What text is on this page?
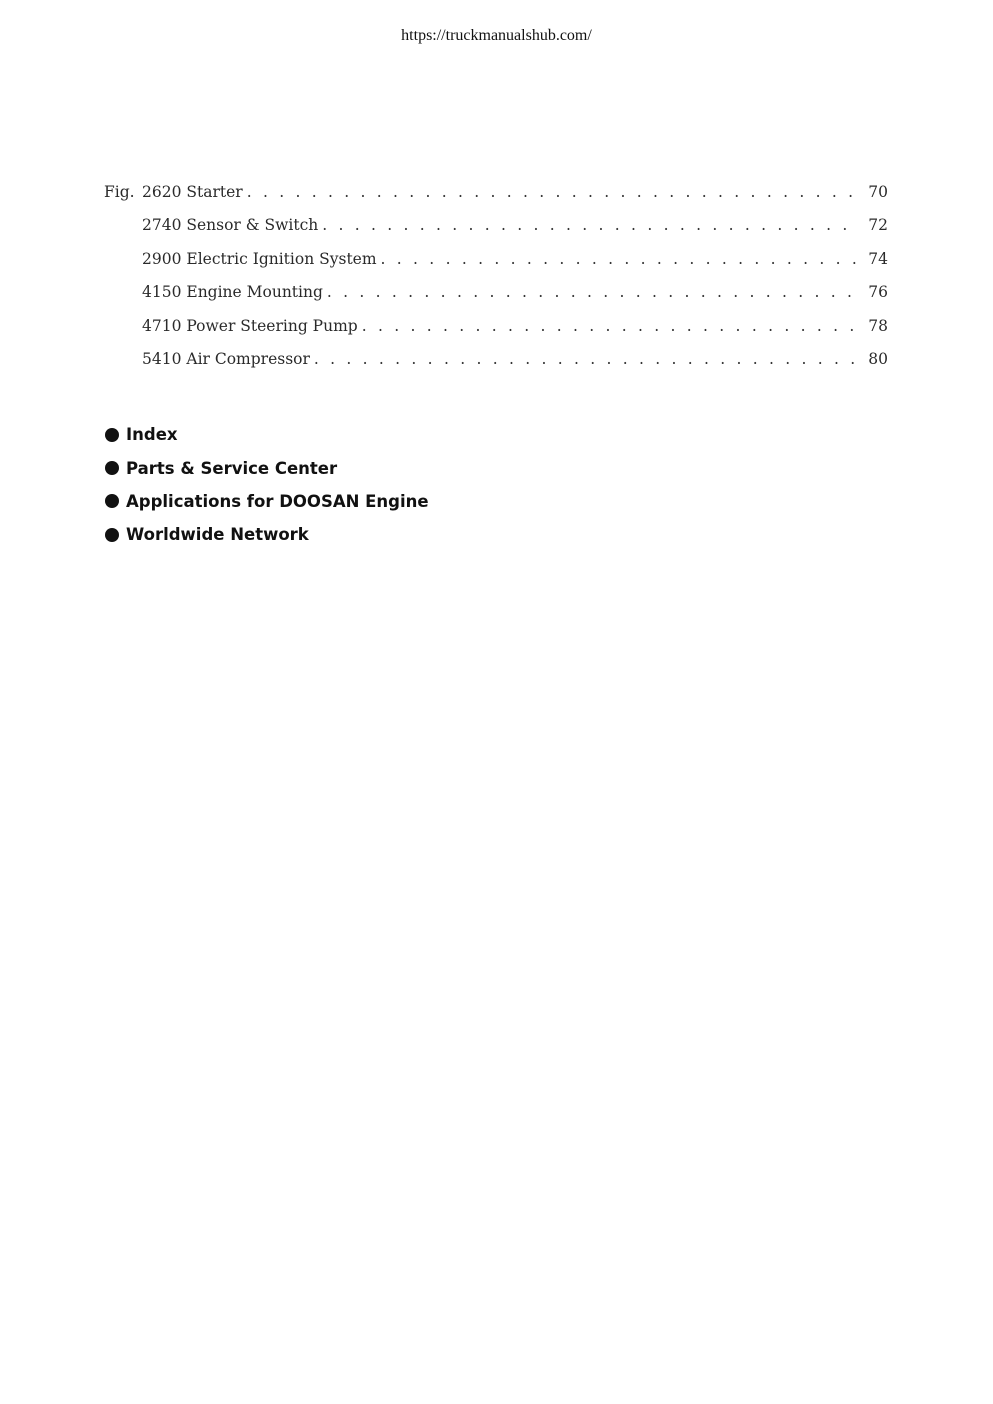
https://truckmanualshub.com/
Fig. 2620 Starter . . .	70
2740 Sensor & Switch . . .	72
2900 Electric Ignition System . . .	74
4150 Engine Mounting . . .	76
4710 Power Steering Pump . . .	78
5410 Air Compressor . . .	80
Index
Parts & Service Center
Applications for DOOSAN Engine
Worldwide Network
